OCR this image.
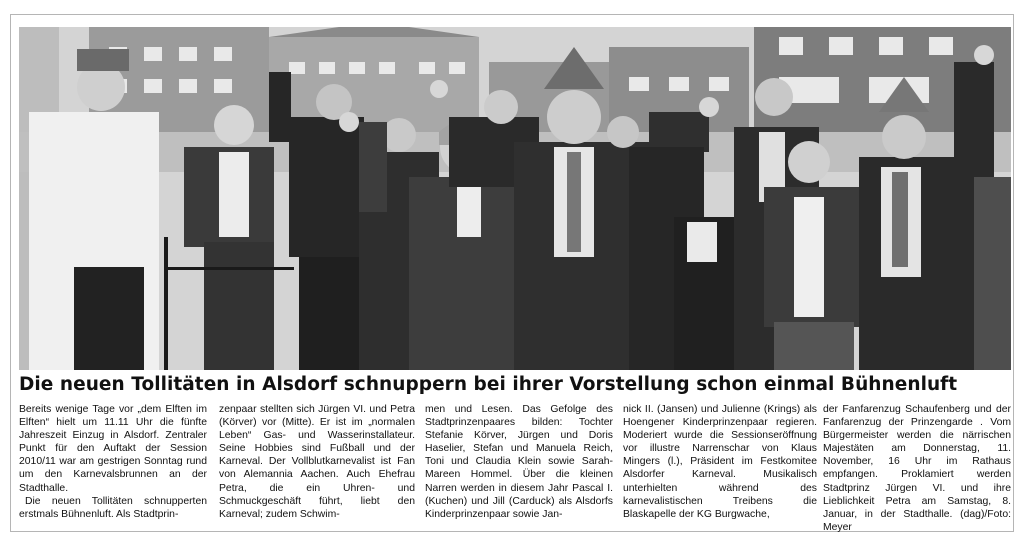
Die neuen Tollitäten in Alsdorf schnuppern bei ihrer Vorstellung schon einmal Bühnenluft

Bereits wenige Tage vor „dem Elften im Elften“ hielt um 11.11 Uhr die fünfte Jahreszeit Einzug in Alsdorf. Zentraler Punkt für den Auftakt der Session 2010/11 war am gestrigen Sonntag rund um den Karnevalsbrunnen an der Stadthalle.

Die neuen Tollitäten schnupperten erstmals Bühnenluft. Als Stadtprin-

zenpaar stellten sich Jürgen VI. und Petra (Körver) vor (Mitte). Er ist im „normalen Leben“ Gas- und Wasserinstallateur. Seine Hobbies sind Fußball und der Karneval. Der Vollblutkarnevalist ist Fan von Alemannia Aachen. Auch Ehefrau Petra, die ein Uhren- und Schmuckgeschäft führt, liebt den Karneval; zudem Schwim-

men und Lesen. Das Gefolge des Stadtprinzenpaares bilden: Tochter Stefanie Körver, Jürgen und Doris Haselier, Stefan und Manuela Reich, Toni und Claudia Klein sowie Sarah-Mareen Hommel. Über die kleinen Narren werden in diesem Jahr Pascal I. (Kuchen) und Jill (Carduck) als Alsdorfs Kinderprinzenpaar sowie Jan-

nick II. (Jansen) und Julienne (Krings) als Hoengener Kinderprinzenpaar regieren. Moderiert wurde die Sessionseröffnung vor illustre Narrenschar von Klaus Mingers (l.), Präsident im Festkomitee Alsdorfer Karneval. Musikalisch unterhielten während des karnevalistischen Treibens die Blaskapelle der KG Burgwache,

der Fanfarenzug Schaufenberg und der Fanfarenzug der Prinzengarde . Vom Bürgermeister werden die närrischen Majestäten am Donnerstag, 11. November, 16 Uhr im Rathaus empfangen. Proklamiert werden Stadtprinz Jürgen VI. und ihre Lieblichkeit Petra am Samstag, 8. Januar, in der Stadthalle. (dag)/Foto: Meyer
